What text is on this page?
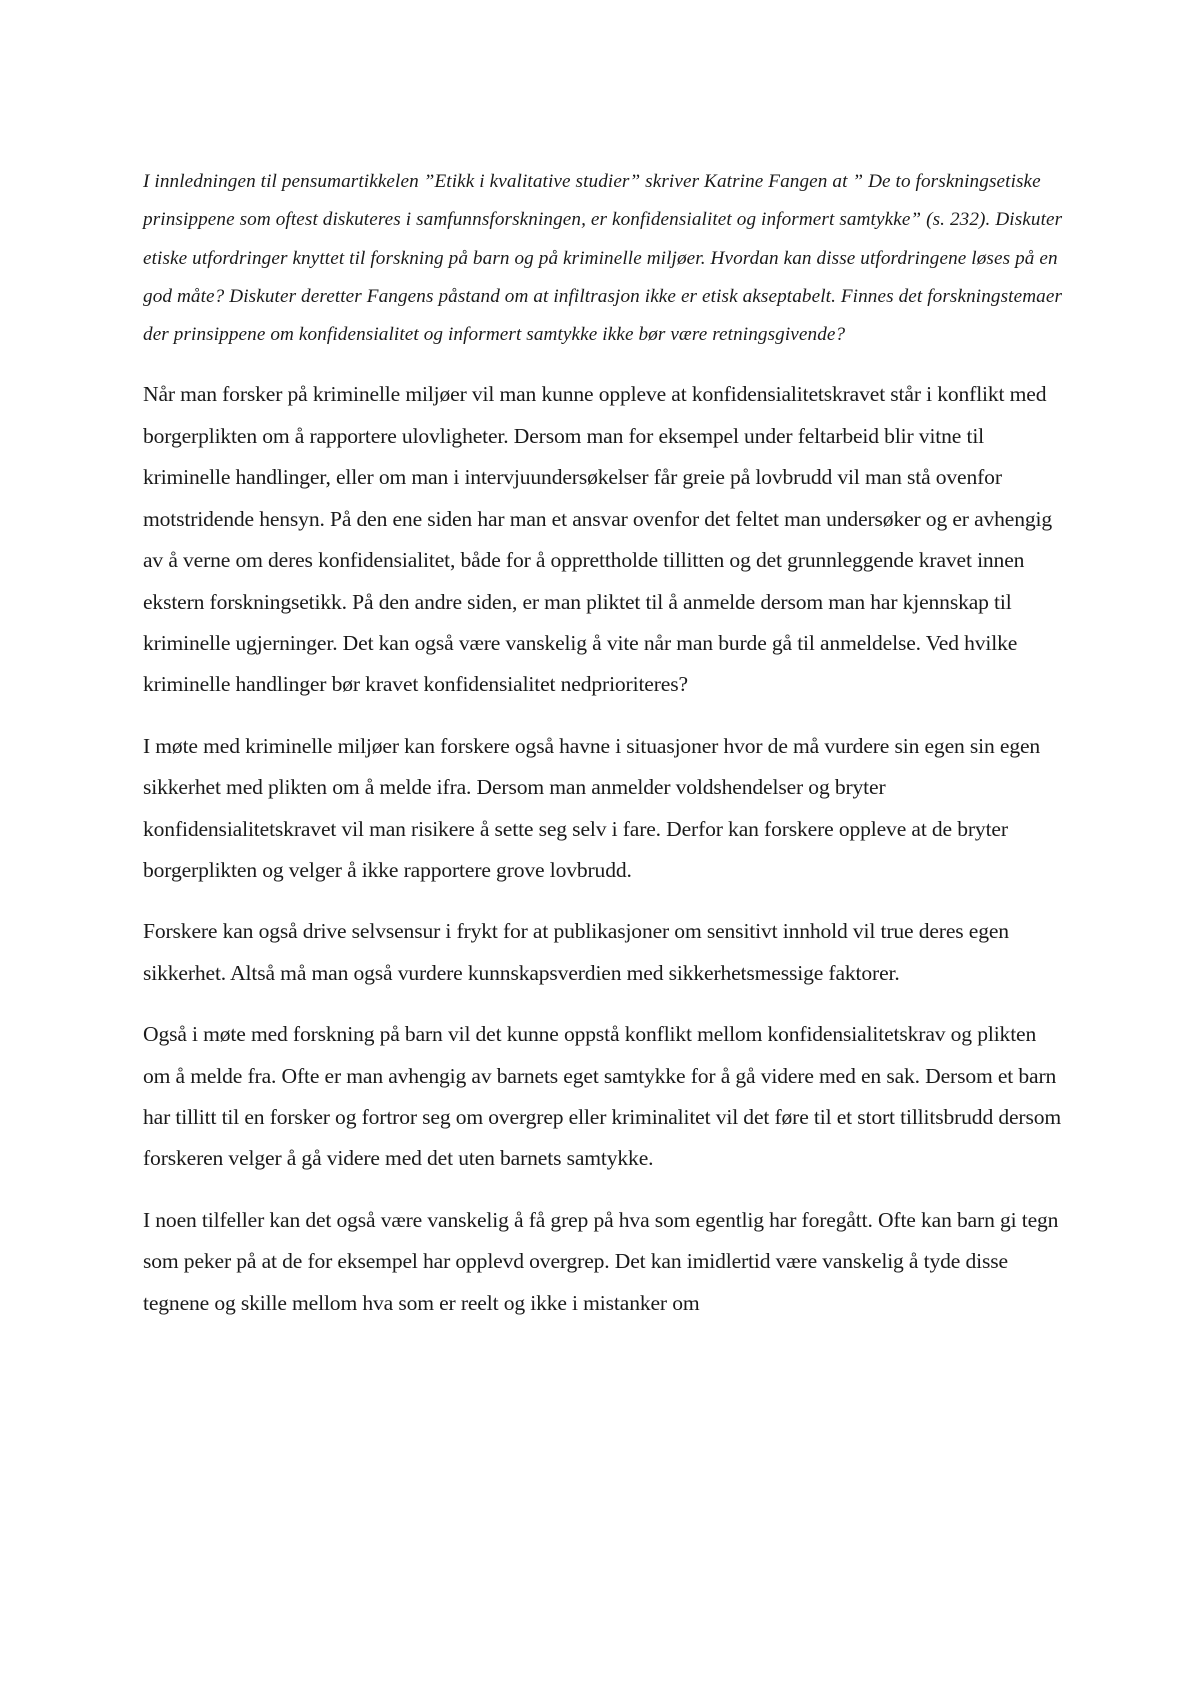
I innledningen til pensumartikkelen ”Etikk i kvalitative studier” skriver Katrine Fangen at ” De to forskningsetiske prinsippene som oftest diskuteres i samfunnsforskningen, er konfidensialitet og informert samtykke” (s. 232). Diskuter etiske utfordringer knyttet til forskning på barn og på kriminelle miljøer. Hvordan kan disse utfordringene løses på en god måte? Diskuter deretter Fangens påstand om at infiltrasjon ikke er etisk akseptabelt. Finnes det forskningstemaer der prinsippene om konfidensialitet og informert samtykke ikke bør være retningsgivende?

Når man forsker på kriminelle miljøer vil man kunne oppleve at konfidensialitetskravet står i konflikt med borgerplikten om å rapportere ulovligheter. Dersom man for eksempel under feltarbeid blir vitne til kriminelle handlinger, eller om man i intervjuundersøkelser får greie på lovbrudd vil man stå ovenfor motstridende hensyn. På den ene siden har man et ansvar ovenfor det feltet man undersøker og er avhengig av å verne om deres konfidensialitet, både for å opprettholde tillitten og det grunnleggende kravet innen ekstern forskningsetikk. På den andre siden, er man pliktet til å anmelde dersom man har kjennskap til kriminelle ugjerninger. Det kan også være vanskelig å vite når man burde gå til anmeldelse. Ved hvilke kriminelle handlinger bør kravet konfidensialitet nedprioriteres?

I møte med kriminelle miljøer kan forskere også havne i situasjoner hvor de må vurdere sin egen sin egen sikkerhet med plikten om å melde ifra. Dersom man anmelder voldshendelser og bryter konfidensialitetskravet vil man risikere å sette seg selv i fare. Derfor kan forskere oppleve at de bryter borgerplikten og velger å ikke rapportere grove lovbrudd.

Forskere kan også drive selvsensur i frykt for at publikasjoner om sensitivt innhold vil true deres egen sikkerhet. Altså må man også vurdere kunnskapsverdien med sikkerhetsmessige faktorer.

Også i møte med forskning på barn vil det kunne oppstå konflikt mellom konfidensialitetskrav og plikten om å melde fra. Ofte er man avhengig av barnets eget samtykke for å gå videre med en sak. Dersom et barn har tillitt til en forsker og fortror seg om overgrep eller kriminalitet vil det føre til et stort tillitsbrudd dersom forskeren velger å gå videre med det uten barnets samtykke.

I noen tilfeller kan det også være vanskelig å få grep på hva som egentlig har foregått. Ofte kan barn gi tegn som peker på at de for eksempel har opplevd overgrep. Det kan imidlertid være vanskelig å tyde disse tegnene og skille mellom hva som er reelt og ikke i mistanker om
